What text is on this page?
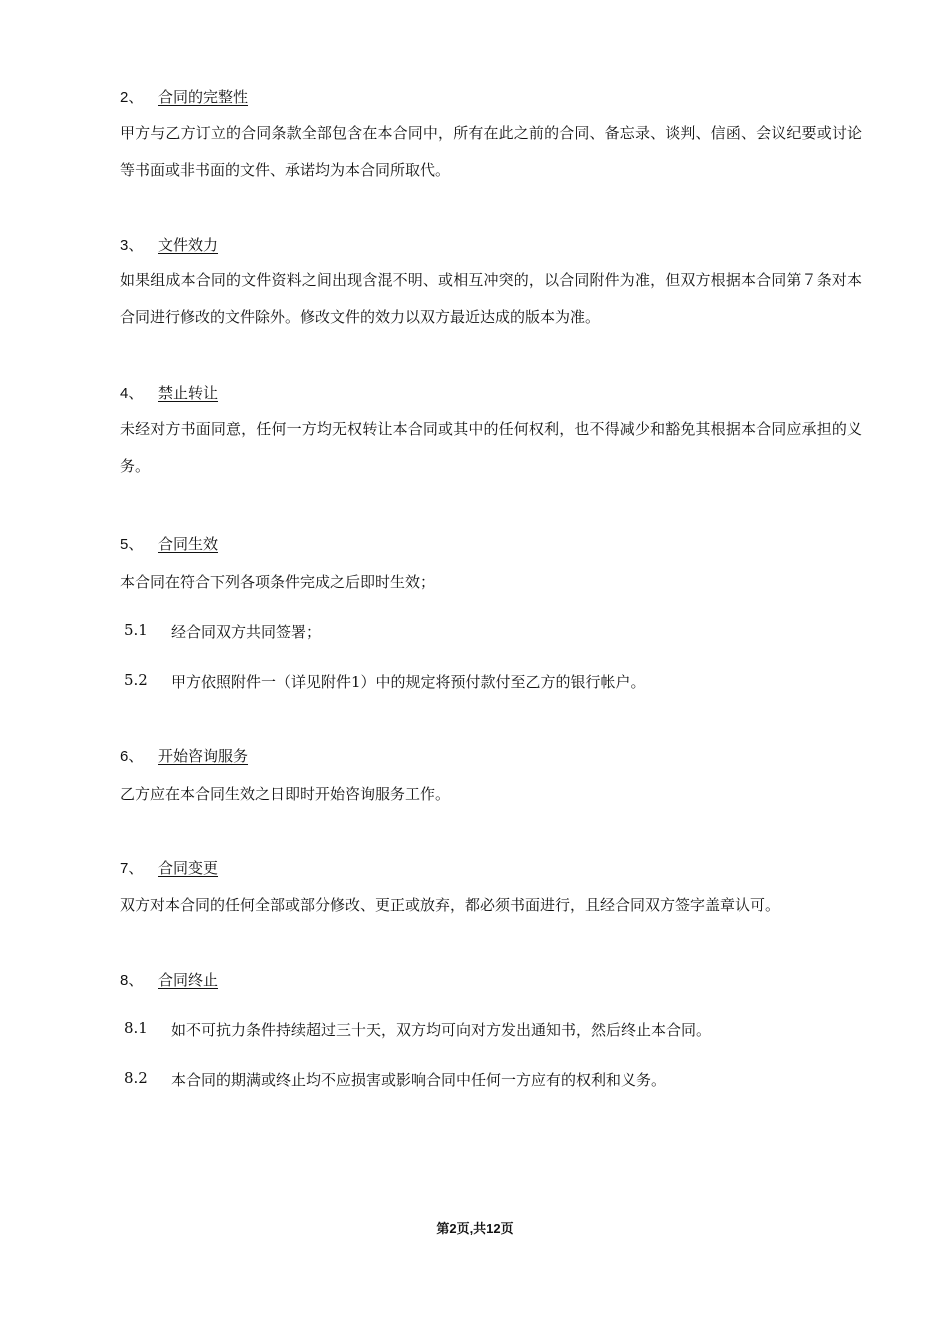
2、 合同的完整性
甲方与乙方订立的合同条款全部包含在本合同中，所有在此之前的合同、备忘录、谈判、信函、会议纪要或讨论等书面或非书面的文件、承诺均为本合同所取代。
3、 文件效力
如果组成本合同的文件资料之间出现含混不明、或相互冲突的，以合同附件为准，但双方根据本合同第７条对本合同进行修改的文件除外。修改文件的效力以双方最近达成的版本为准。
4、 禁止转让
未经对方书面同意，任何一方均无权转让本合同或其中的任何权利，也不得减少和豁免其根据本合同应承担的义务。
5、 合同生效
本合同在符合下列各项条件完成之后即时生效；
5.1 经合同双方共同签署；
5.2 甲方依照附件一（详见附件1）中的规定将预付款付至乙方的银行帐户。
6、 开始咨询服务
乙方应在本合同生效之日即时开始咨询服务工作。
7、 合同变更
双方对本合同的任何全部或部分修改、更正或放弃，都必须书面进行，且经合同双方签字盖章认可。
8、 合同终止
8.1 如不可抗力条件持续超过三十天，双方均可向对方发出通知书，然后终止本合同。
8.2 本合同的期满或终止均不应损害或影响合同中任何一方应有的权利和义务。
第2页,共12页
